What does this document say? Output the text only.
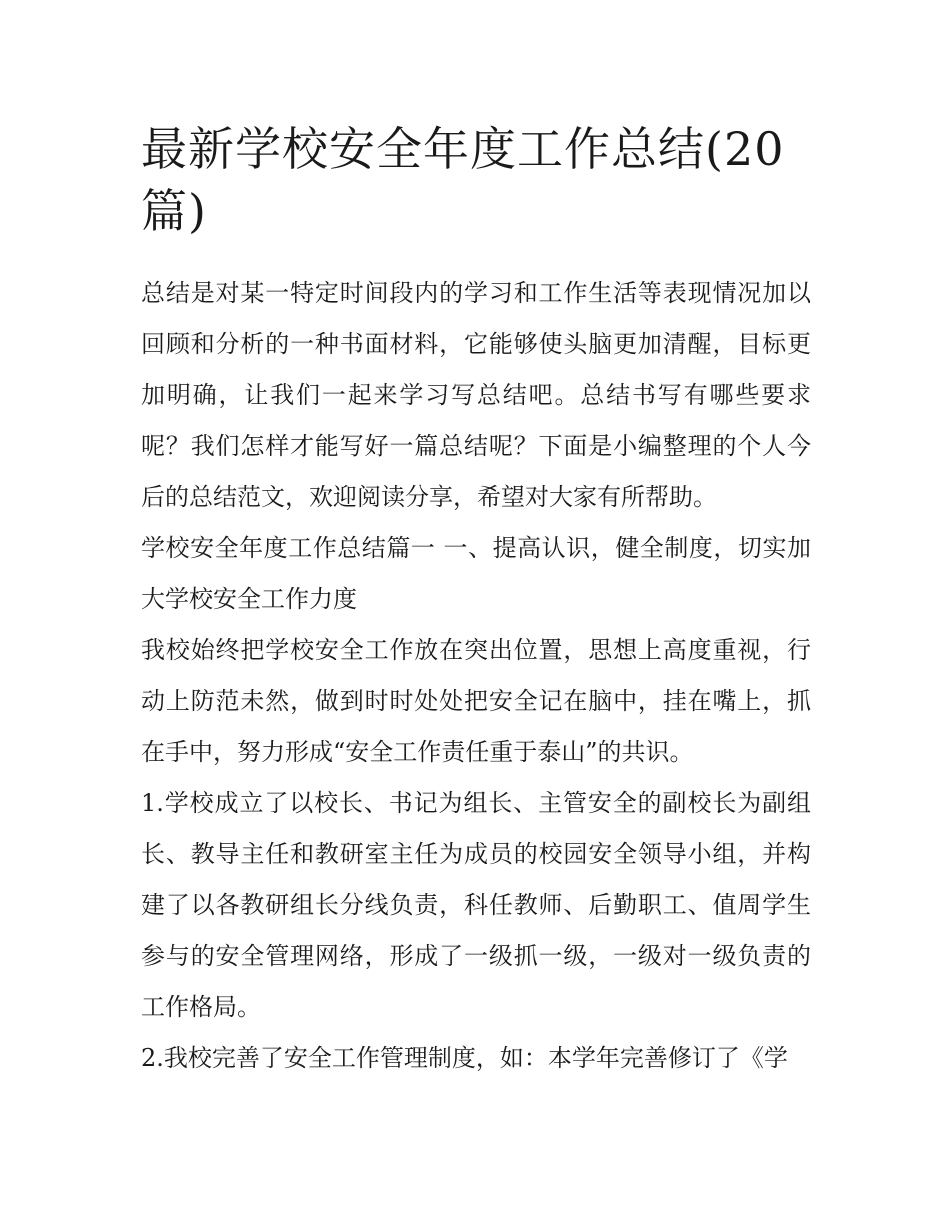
最新学校安全年度工作总结(20篇)

总结是对某一特定时间段内的学习和工作生活等表现情况加以回顾和分析的一种书面材料，它能够使头脑更加清醒，目标更加明确，让我们一起来学习写总结吧。总结书写有哪些要求呢？我们怎样才能写好一篇总结呢？下面是小编整理的个人今后的总结范文，欢迎阅读分享，希望对大家有所帮助。

学校安全年度工作总结篇一 一、提高认识，健全制度，切实加大学校安全工作力度

我校始终把学校安全工作放在突出位置，思想上高度重视，行动上防范未然，做到时时处处把安全记在脑中，挂在嘴上，抓在手中，努力形成“安全工作责任重于泰山”的共识。

1.学校成立了以校长、书记为组长、主管安全的副校长为副组长、教导主任和教研室主任为成员的校园安全领导小组，并构建了以各教研组长分线负责，科任教师、后勤职工、值周学生参与的安全管理网络，形成了一级抓一级，一级对一级负责的工作格局。

2.我校完善了安全工作管理制度，如：本学年完善修订了《学
